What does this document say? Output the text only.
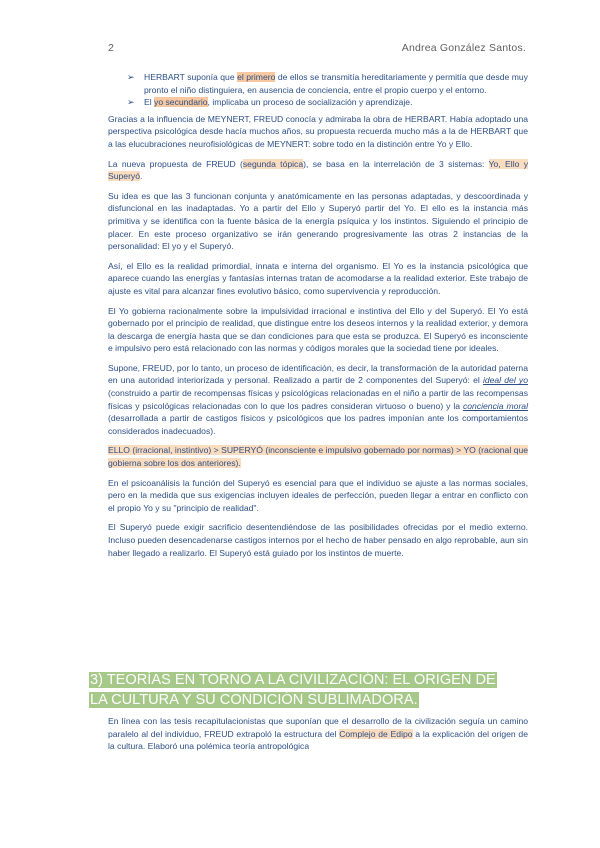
2	Andrea González Santos.
➢ HERBART suponía que el primero de ellos se transmitía hereditariamente y permitía que desde muy pronto el niño distinguiera, en ausencia de conciencia, entre el propio cuerpo y el entorno.
➢ El yo secundario, implicaba un proceso de socialización y aprendizaje.
Gracias a la influencia de MEYNERT, FREUD conocía y admiraba la obra de HERBART. Había adoptado una perspectiva psicológica desde hacía muchos años, su propuesta recuerda mucho más a la de HERBART que a las elucubraciones neurofisiológicas de MEYNERT: sobre todo en la distinción entre Yo y Ello.
La nueva propuesta de FREUD (segunda tópica), se basa en la interrelación de 3 sistemas: Yo, Ello y Superyó.
Su idea es que las 3 funcionan conjunta y anatómicamente en las personas adaptadas, y descoordinada y disfuncional en las inadaptadas. Yo a partir del Ello y Superyó partir del Yo. El ello es la instancia más primitiva y se identifica con la fuente básica de la energía psíquica y los instintos. Siguiendo el principio de placer. En este proceso organizativo se irán generando progresivamente las otras 2 instancias de la personalidad: El yo y el Superyó.
Así, el Ello es la realidad primordial, innata e interna del organismo. El Yo es la instancia psicológica que aparece cuando las energías y fantasías internas tratan de acomodarse a la realidad exterior. Este trabajo de ajuste es vital para alcanzar fines evolutivo básico, como supervivencia y reproducción.
El Yo gobierna racionalmente sobre la impulsividad irracional e instintiva del Ello y del Superyó. El Yo está gobernado por el principio de realidad, que distingue entre los deseos internos y la realidad exterior, y demora la descarga de energía hasta que se dan condiciones para que esta se produzca. El Superyó es inconsciente e impulsivo pero está relacionado con las normas y códigos morales que la sociedad tiene por ideales.
Supone, FREUD, por lo tanto, un proceso de identificación, es decir, la transformación de la autoridad paterna en una autoridad interiorizada y personal. Realizado a partir de 2 componentes del Superyó: el ideal del yo (construido a partir de recompensas físicas y psicológicas relacionadas en el niño a partir de las recompensas físicas y psicológicas relacionadas con lo que los padres consideran virtuoso o bueno) y la conciencia moral (desarrollada a partir de castigos físicos y psicológicos que los padres imponían ante los comportamientos considerados inadecuados).
ELLO (irracional, instintivo) > SUPERYÓ (inconsciente e impulsivo gobernado por normas) > YO (racional que gobierna sobre los dos anteriores).
En el psicoanálisis la función del Superyó es esencial para que el individuo se ajuste a las normas sociales, pero en la medida que sus exigencias incluyen ideales de perfección, pueden llegar a entrar en conflicto con el propio Yo y su "principio de realidad".
El Superyó puede exigir sacrificio desentendiéndose de las posibilidades ofrecidas por el medio externo. Incluso pueden desencadenarse castigos internos por el hecho de haber pensado en algo reprobable, aun sin haber llegado a realizarlo. El Superyó está guiado por los instintos de muerte.
3) TEORÍAS EN TORNO A LA CIVILIZACIÓN: EL ORIGEN DE
LA CULTURA Y SU CONDICIÓN SUBLIMADORA.
En línea con las tesis recapitulacionistas que suponían que el desarrollo de la civilización seguía un camino paralelo al del individuo, FREUD extrapoló la estructura del Complejo de Edipo a la explicación del origen de la cultura. Elaboró una polémica teoría antropológica
